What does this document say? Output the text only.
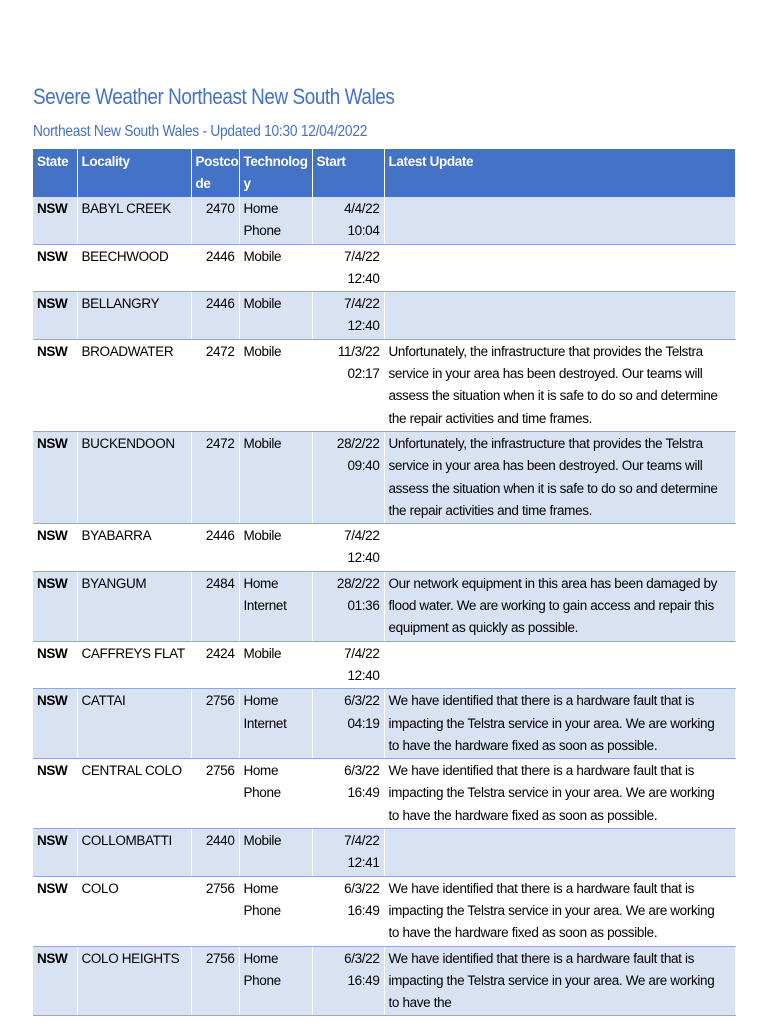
Severe Weather Northeast New South Wales
Northeast New South Wales - Updated 10:30 12/04/2022
State	Locality	Postco de	Technolog y	Start	Latest Update
NSW	BABYL CREEK	2470	Home Phone	4/4/22 10:04	
NSW	BEECHWOOD	2446	Mobile	7/4/22 12:40	
NSW	BELLANGRY	2446	Mobile	7/4/22 12:40	
NSW	BROADWATER	2472	Mobile	11/3/22 02:17	Unfortunately, the infrastructure that provides the Telstra service in your area has been destroyed. Our teams will assess the situation when it is safe to do so and determine the repair activities and time frames.
NSW	BUCKENDOON	2472	Mobile	28/2/22 09:40	Unfortunately, the infrastructure that provides the Telstra service in your area has been destroyed. Our teams will assess the situation when it is safe to do so and determine the repair activities and time frames.
NSW	BYABARRA	2446	Mobile	7/4/22 12:40	
NSW	BYANGUM	2484	Home Internet	28/2/22 01:36	Our network equipment in this area has been damaged by flood water. We are working to gain access and repair this equipment as quickly as possible.
NSW	CAFFREYS FLAT	2424	Mobile	7/4/22 12:40	
NSW	CATTAI	2756	Home Internet	6/3/22 04:19	We have identified that there is a hardware fault that is impacting the Telstra service in your area. We are working to have the hardware fixed as soon as possible.
NSW	CENTRAL COLO	2756	Home Phone	6/3/22 16:49	We have identified that there is a hardware fault that is impacting the Telstra service in your area. We are working to have the hardware fixed as soon as possible.
NSW	COLLOMBATTI	2440	Mobile	7/4/22 12:41	
NSW	COLO	2756	Home Phone	6/3/22 16:49	We have identified that there is a hardware fault that is impacting the Telstra service in your area. We are working to have the hardware fixed as soon as possible.
NSW	COLO HEIGHTS	2756	Home Phone	6/3/22 16:49	We have identified that there is a hardware fault that is impacting the Telstra service in your area. We are working to have the
